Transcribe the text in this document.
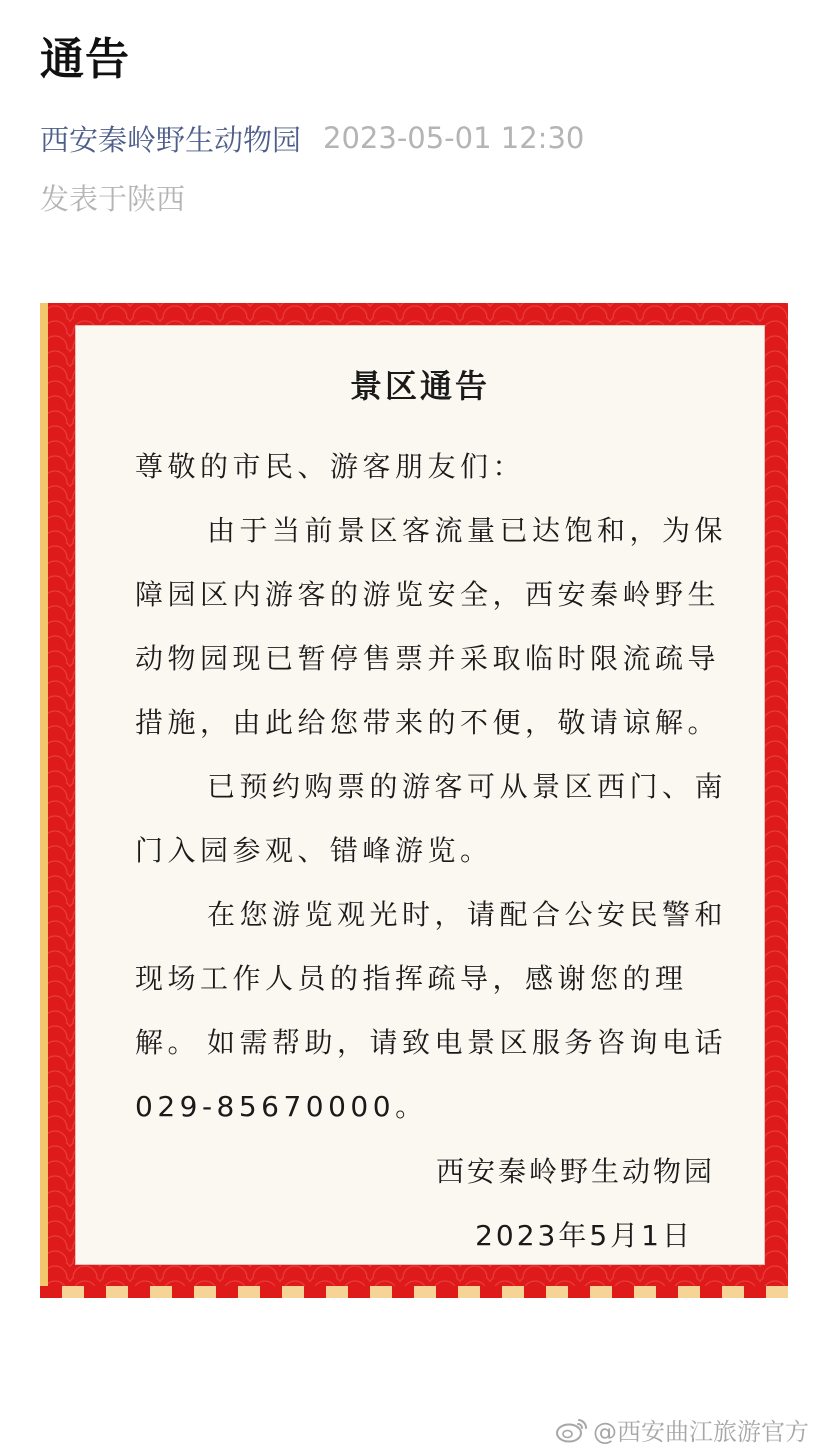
通告
西安秦岭野生动物园 2023-05-01 12:30
发表于陕西
景区通告
尊敬的市民、游客朋友们：
由于当前景区客流量已达饱和，为保障园区内游客的游览安全，西安秦岭野生动物园现已暂停售票并采取临时限流疏导措施，由此给您带来的不便，敬请谅解。
已预约购票的游客可从景区西门、南门入园参观、错峰游览。
在您游览观光时，请配合公安民警和现场工作人员的指挥疏导，感谢您的理解。 如需帮助，请致电景区服务咨询电话029-85670000。
西安秦岭野生动物园
2023年5月1日
@西安曲江旅游官方
